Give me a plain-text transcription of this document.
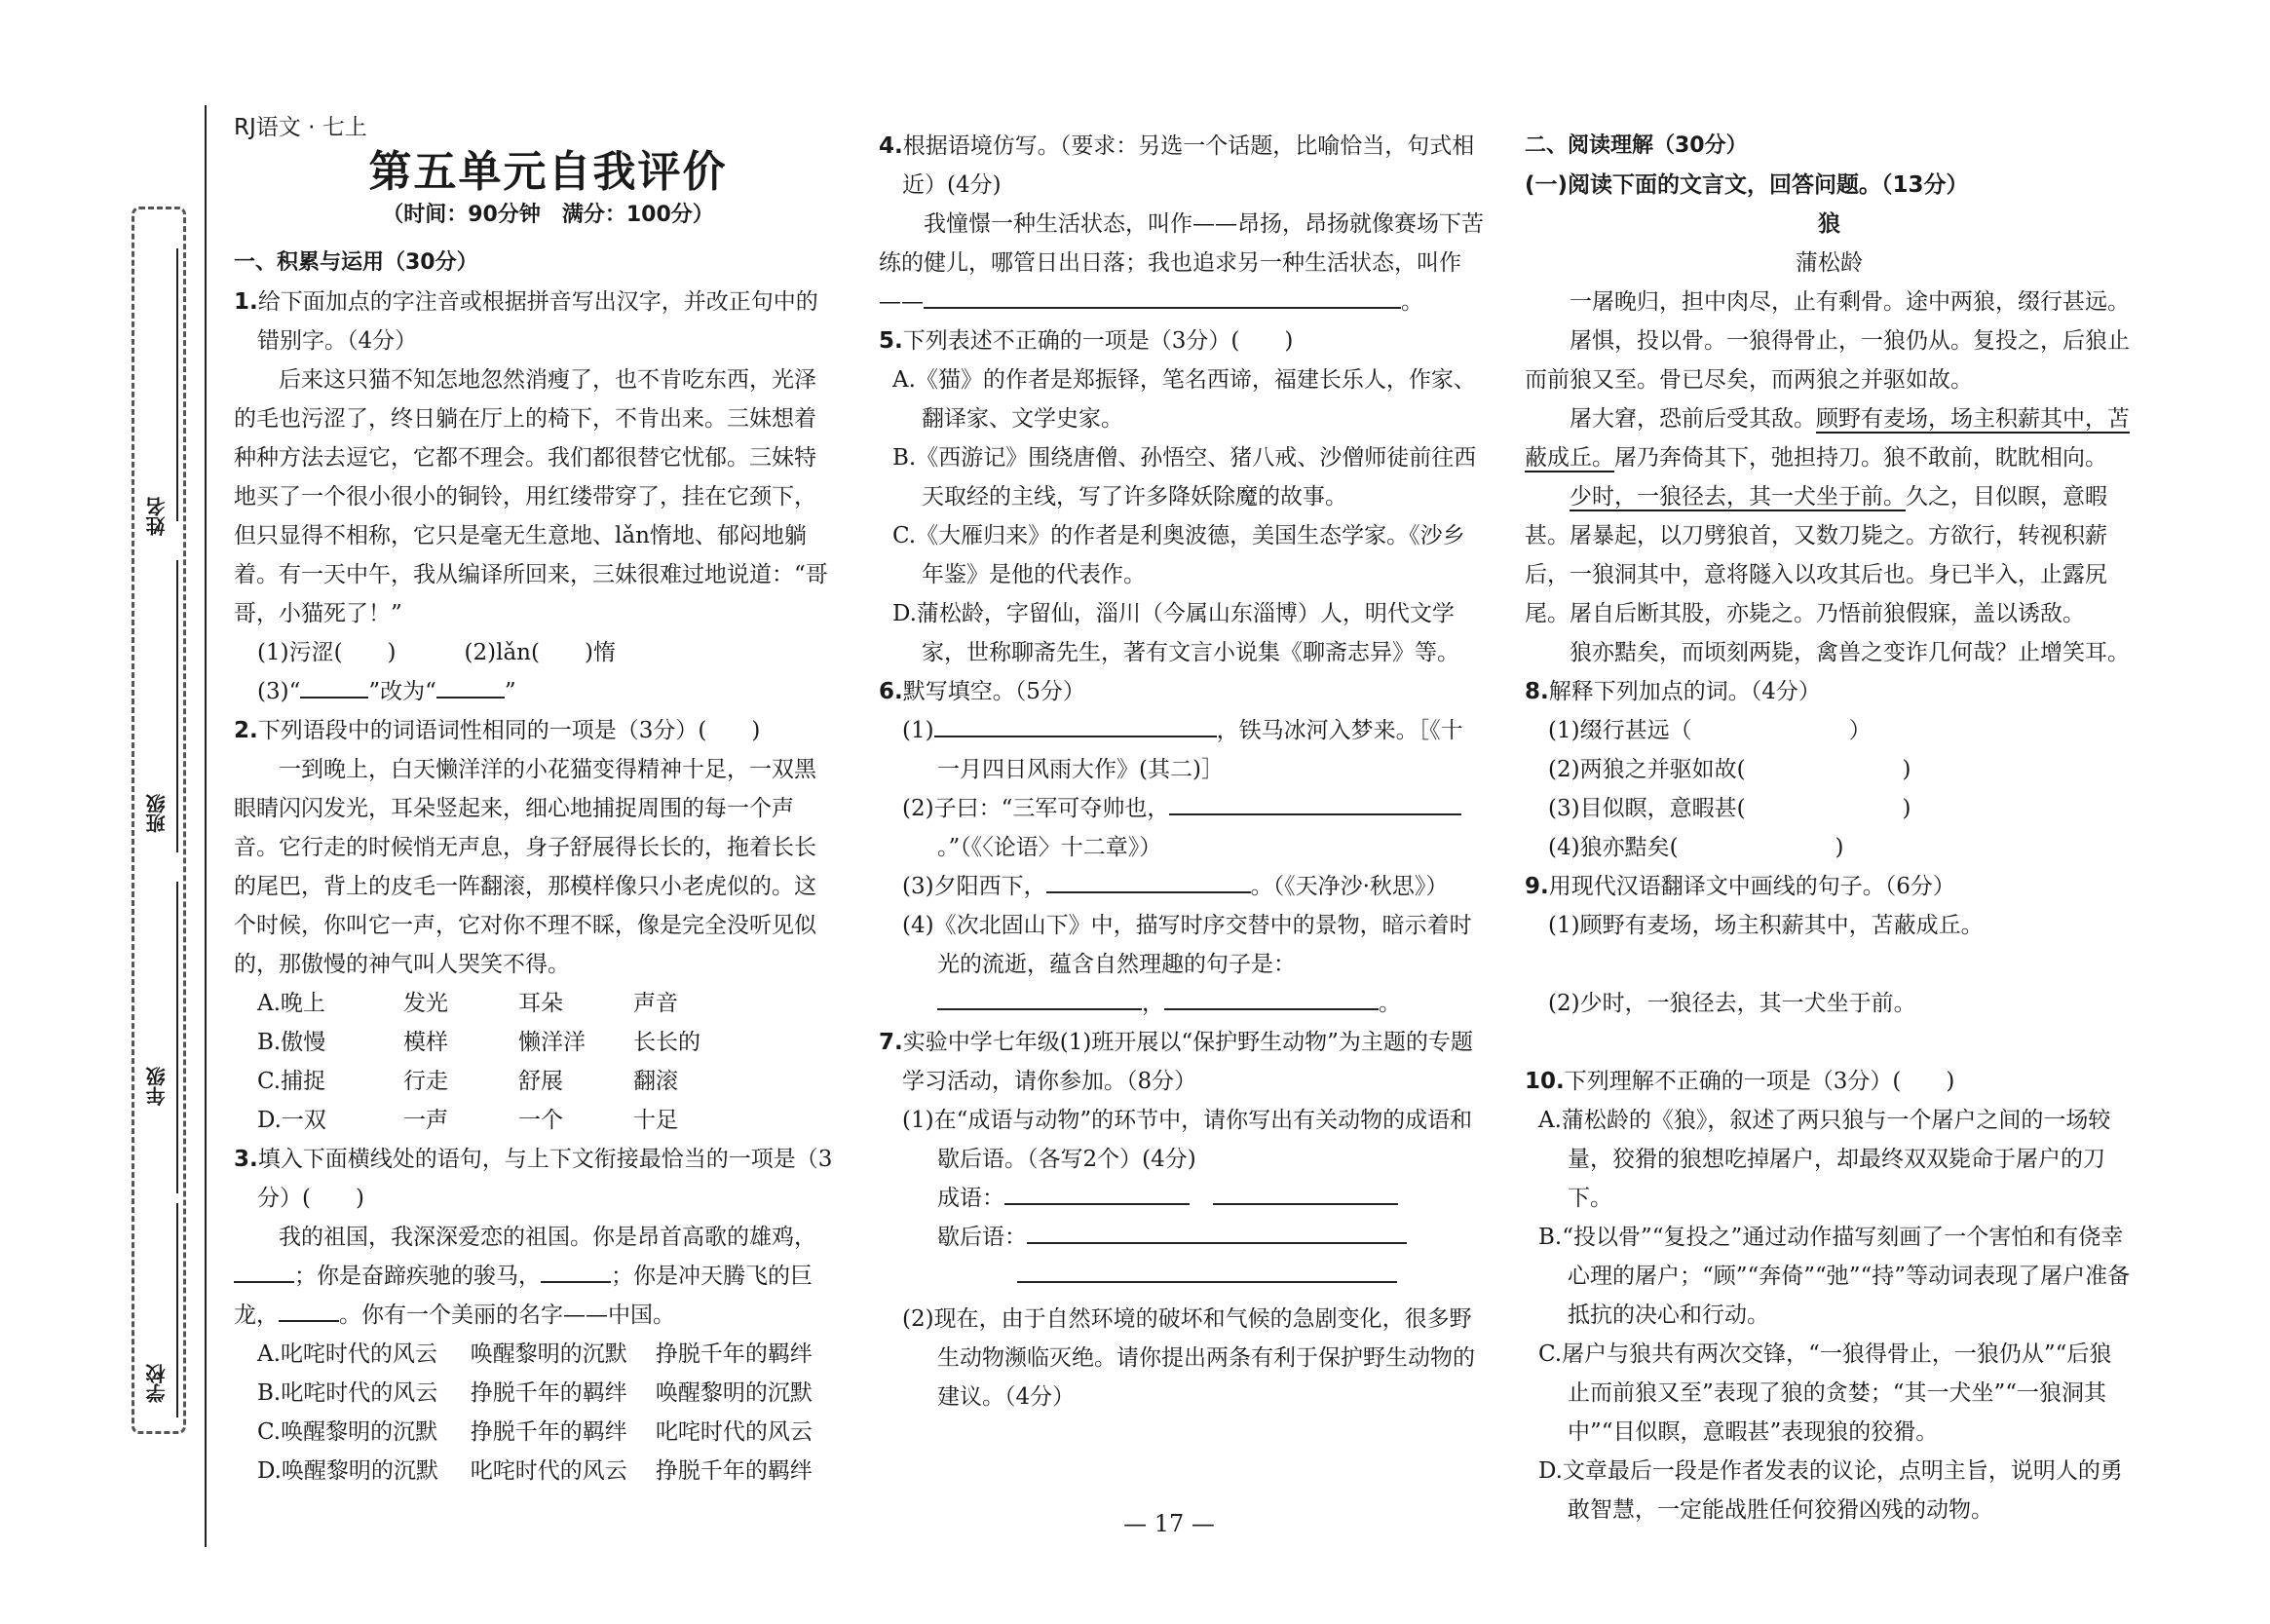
姓名
班级
年级
学校
RJ语文 · 七上
第五单元自我评价
（时间：90分钟　满分：100分）
一、积累与运用（30分）
1.给下面加点的字注音或根据拼音写出汉字，并改正句中的错别字。（4分）
后来这只猫不知怎地忽然消瘦了，也不肯吃东西，光泽的毛也污涩了，终日躺在厅上的椅下，不肯出来。三妹想着种种方法去逗它，它都不理会。我们都很替它忧郁。三妹特地买了一个很小很小的铜铃，用红缕带穿了，挂在它颈下，但只显得不相称，它只是毫无生意地、lǎn惰地、郁闷地躺着。有一天中午，我从编译所回来，三妹很难过地说道：“哥哥，小猫死了！”
(1)污涩(　　)	(2)lǎn(　　)惰
(3)“	”改为“	”
2.下列语段中的词语词性相同的一项是（3分）(　　)
一到晚上，白天懒洋洋的小花猫变得精神十足，一双黑眼睛闪闪发光，耳朵竖起来，细心地捕捉周围的每一个声音。它行走的时候悄无声息，身子舒展得长长的，拖着长长的尾巴，背上的皮毛一阵翻滚，那模样像只小老虎似的。这个时候，你叫它一声，它对你不理不睬，像是完全没听见似的，那傲慢的神气叫人哭笑不得。
A.晚上	发光	耳朵	声音
B.傲慢	模样	懒洋洋	长长的
C.捕捉	行走	舒展	翻滚
D.一双	一声	一个	十足
3.填入下面横线处的语句，与上下文衔接最恰当的一项是（3分）(　　)
我的祖国，我深深爱恋的祖国。你是昂首高歌的雄鸡，；你是奋蹄疾驰的骏马，	；你是冲天腾飞的巨龙，	。你有一个美丽的名字——中国。
A.叱咤时代的风云	唤醒黎明的沉默	挣脱千年的羁绊
B.叱咤时代的风云	挣脱千年的羁绊	唤醒黎明的沉默
C.唤醒黎明的沉默	挣脱千年的羁绊	叱咤时代的风云
D.唤醒黎明的沉默	叱咤时代的风云	挣脱千年的羁绊
4.根据语境仿写。（要求：另选一个话题，比喻恰当，句式相近）(4分)
我憧憬一种生活状态，叫作——昂扬，昂扬就像赛场下苦练的健儿，哪管日出日落；我也追求另一种生活状态，叫作——	。
5.下列表述不正确的一项是（3分）(　　)
A.《猫》的作者是郑振铎，笔名西谛，福建长乐人，作家、翻译家、文学史家。
B.《西游记》围绕唐僧、孙悟空、猪八戒、沙僧师徒前往西天取经的主线，写了许多降妖除魔的故事。
C.《大雁归来》的作者是利奥波德，美国生态学家。《沙乡年鉴》是他的代表作。
D.蒲松龄，字留仙，淄川（今属山东淄博）人，明代文学家，世称聊斋先生，著有文言小说集《聊斋志异》等。
6.默写填空。（5分）
(1)	，铁马冰河入梦来。［《十一月四日风雨大作》(其二)］
(2)子曰：“三军可夺帅也，。”（《〈论语〉十二章》）
(3)夕阳西下，	。（《天净沙·秋思》）
(4)《次北固山下》中，描写时序交替中的景物，暗示着时光的流逝，蕴含自然理趣的句子是：，	。
7.实验中学七年级(1)班开展以“保护野生动物”为主题的专题学习活动，请你参加。（8分）
(1)在“成语与动物”的环节中，请你写出有关动物的成语和歇后语。（各写2个）(4分)
成语：
歇后语：
(2)现在，由于自然环境的破坏和气候的急剧变化，很多野生动物濒临灭绝。请你提出两条有利于保护野生动物的建议。（4分）
二、阅读理解（30分）
(一)阅读下面的文言文，回答问题。（13分）
狼
蒲松龄
一屠晚归，担中肉尽，止有剩骨。途中两狼，缀行甚远。
屠惧，投以骨。一狼得骨止，一狼仍从。复投之，后狼止而前狼又至。骨已尽矣，而两狼之并驱如故。
屠大窘，恐前后受其敌。顾野有麦场，场主积薪其中，苫蔽成丘。屠乃奔倚其下，弛担持刀。狼不敢前，眈眈相向。
少时，一狼径去，其一犬坐于前。久之，目似瞑，意暇甚。屠暴起，以刀劈狼首，又数刀毙之。方欲行，转视积薪后，一狼洞其中，意将隧入以攻其后也。身已半入，止露尻尾。屠自后断其股，亦毙之。乃悟前狼假寐，盖以诱敌。
狼亦黠矣，而顷刻两毙，禽兽之变诈几何哉？止增笑耳。
8.解释下列加点的词。（4分）
(1)缀行甚远（　　　　　　　）
(2)两狼之并驱如故(　　　　　　　)
(3)目似瞑，意暇甚(　　　　　　　)
(4)狼亦黠矣(　　　　　　　)
9.用现代汉语翻译文中画线的句子。（6分）
(1)顾野有麦场，场主积薪其中，苫蔽成丘。
(2)少时，一狼径去，其一犬坐于前。
10.下列理解不正确的一项是（3分）(　　)
A.蒲松龄的《狼》，叙述了两只狼与一个屠户之间的一场较量，狡猾的狼想吃掉屠户，却最终双双毙命于屠户的刀下。
B.“投以骨”“复投之”通过动作描写刻画了一个害怕和有侥幸心理的屠户；“顾”“奔倚”“弛”“持”等动词表现了屠户准备抵抗的决心和行动。
C.屠户与狼共有两次交锋，“一狼得骨止，一狼仍从”“后狼止而前狼又至”表现了狼的贪婪；“其一犬坐”“一狼洞其中”“目似瞑，意暇甚”表现狼的狡猾。
D.文章最后一段是作者发表的议论，点明主旨，说明人的勇敢智慧，一定能战胜任何狡猾凶残的动物。
— 17 —
